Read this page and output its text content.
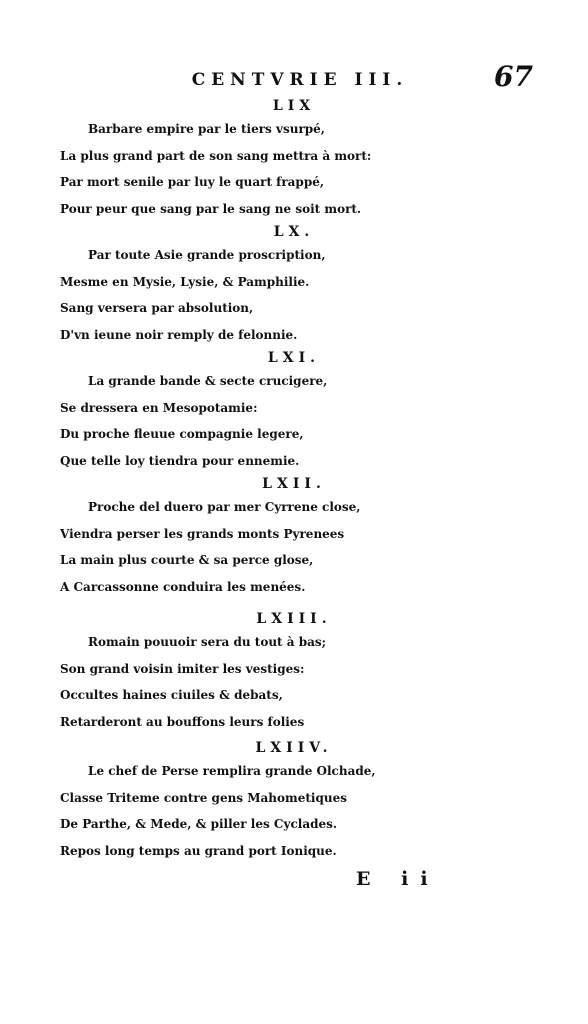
CENTVRIE III.	67
LIX
Barbare empire par le tiers vsurpé,
La plus grand part de son sang mettra à mort:
Par mort senile par luy le quart frappé,
Pour peur que sang par le sang ne soit mort.
LX.
Par toute Asie grande proscription,
Mesme en Mysie, Lysie, & Pamphilie.
Sang versera par absolution,
D'vn ieune noir remply de felonnie.
LXI.
La grande bande & secte crucigere,
Se dressera en Mesopotamie:
Du proche fleuue compagnie legere,
Que telle loy tiendra pour ennemie.
LXII.
Proche del duero par mer Cyrrene close,
Viendra perser les grands monts Pyrenees
La main plus courte & sa perce glose,
A Carcassonne conduira les menées.
LXIII.
Romain pouuoir sera du tout à bas;
Son grand voisin imiter les vestiges:
Occultes haines ciuiles & debats,
Retarderont au bouffons leurs folies
LXIIV.
Le chef de Perse remplira grande Olchade,
Classe Triteme contre gens Mahometiques
De Parthe, & Mede, & piller les Cyclades.
Repos long temps au grand port Ionique.
E ii
